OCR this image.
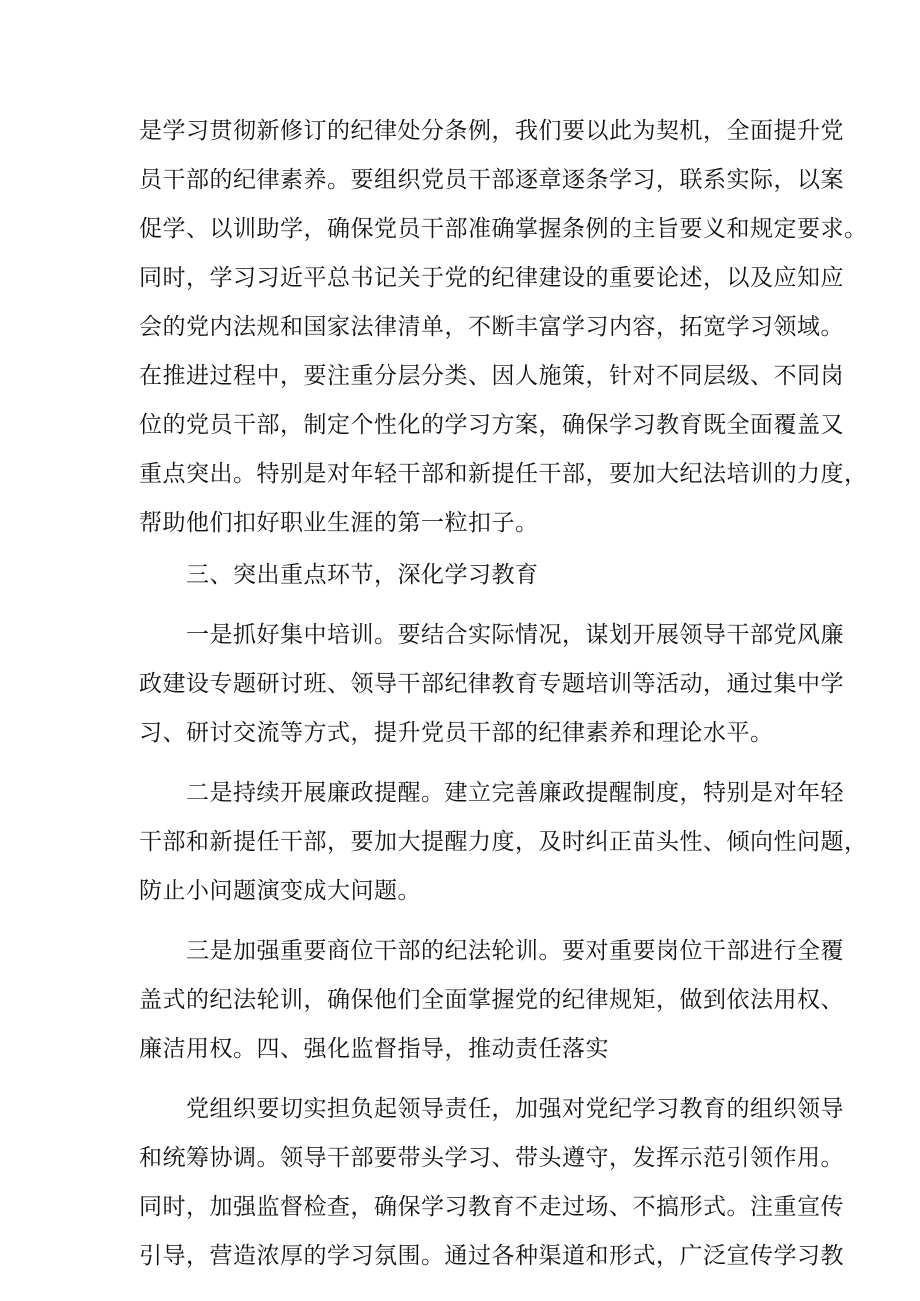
是学习贯彻新修订的纪律处分条例，我们要以此为契机，全面提升党
员干部的纪律素养。要组织党员干部逐章逐条学习，联系实际，以案
促学、以训助学，确保党员干部准确掌握条例的主旨要义和规定要求。
同时，学习习近平总书记关于党的纪律建设的重要论述，以及应知应
会的党内法规和国家法律清单，不断丰富学习内容，拓宽学习领域。
在推进过程中，要注重分层分类、因人施策，针对不同层级、不同岗
位的党员干部，制定个性化的学习方案，确保学习教育既全面覆盖又
重点突出。特别是对年轻干部和新提任干部，要加大纪法培训的力度，
帮助他们扣好职业生涯的第一粒扣子。
三、突出重点环节，深化学习教育
一是抓好集中培训。要结合实际情况，谋划开展领导干部党风廉
政建设专题研讨班、领导干部纪律教育专题培训等活动，通过集中学
习、研讨交流等方式，提升党员干部的纪律素养和理论水平。
二是持续开展廉政提醒。建立完善廉政提醒制度，特别是对年轻
干部和新提任干部，要加大提醒力度，及时纠正苗头性、倾向性问题，
防止小问题演变成大问题。
三是加强重要商位干部的纪法轮训。要对重要岗位干部进行全覆
盖式的纪法轮训，确保他们全面掌握党的纪律规矩，做到依法用权、
廉洁用权。四、强化监督指导，推动责任落实
党组织要切实担负起领导责任，加强对党纪学习教育的组织领导
和统筹协调。领导干部要带头学习、带头遵守，发挥示范引领作用。
同时，加强监督检查，确保学习教育不走过场、不搞形式。注重宣传
引导，营造浓厚的学习氛围。通过各种渠道和形式，广泛宣传学习教
